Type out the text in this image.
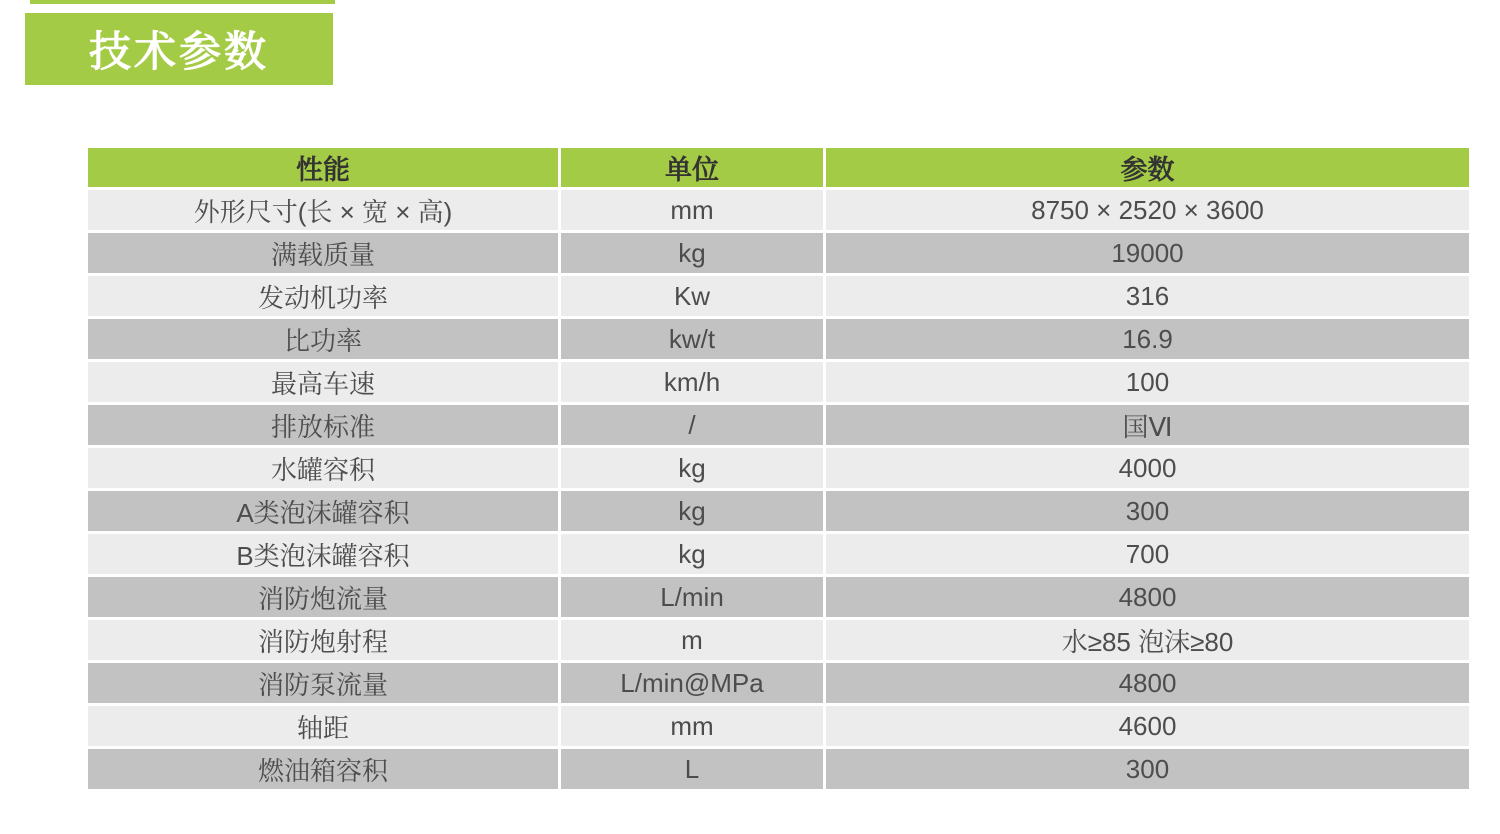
技术参数
性能	单位	参数
外形尺寸(长 × 宽 × 高)	mm	8750 × 2520 × 3600
满载质量	kg	19000
发动机功率	Kw	316
比功率	kw/t	16.9
最高车速	km/h	100
排放标准	/	国Ⅵ
水罐容积	kg	4000
A类泡沫罐容积	kg	300
B类泡沫罐容积	kg	700
消防炮流量	L/min	4800
消防炮射程	m	水≥85 泡沫≥80
消防泵流量	L/min@MPa	4800
轴距	mm	4600
燃油箱容积	L	300
